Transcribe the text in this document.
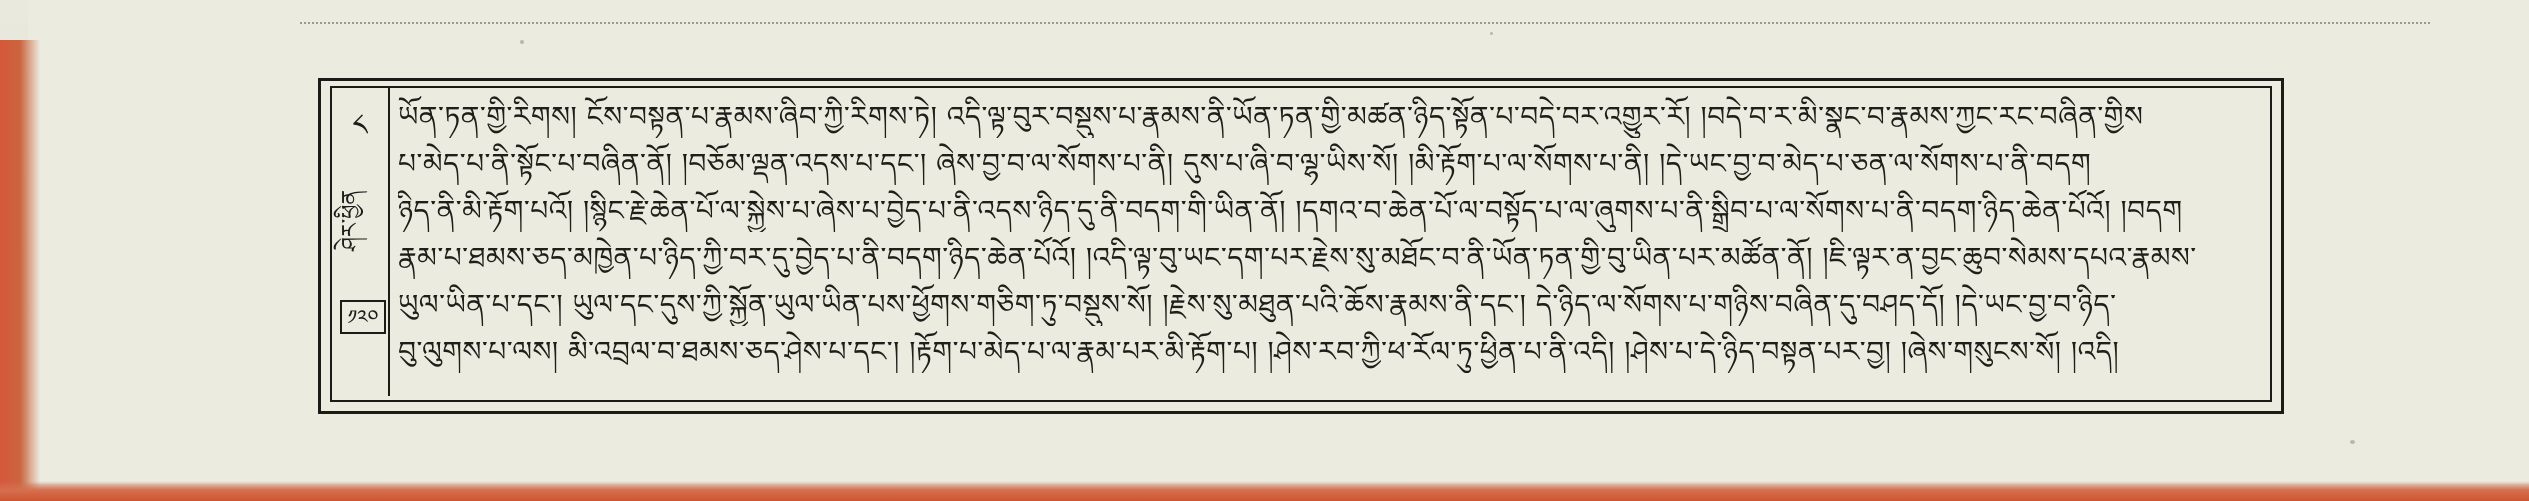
༨
ཤེར་ཕྱིན
༡༢༠
ཡོན་ཏན་གྱི་རིགས། ངོས་བསྟན་པ་རྣམས་ཞིབ་ཀྱི་རིགས་ཏེ། འདི་ལྟ་བུར་བསྡུས་པ་རྣམས་ནི་ཡོན་ཏན་གྱི་མཚན་ཉིད་སྟོན་པ་བདེ་བར་འགྱུར་རོ། །བདེ་བ་ར་མི་སྣང་བ་རྣམས་ཀྱང་རང་བཞིན་གྱིས
པ་མེད་པ་ནི་སྟོང་པ་བཞིན་ནོ། །བཅོམ་ལྡན་འདས་པ་དང་། ཞེས་བྱ་བ་ལ་སོགས་པ་ནི། དུས་པ་ཞི་བ་ལྷ་ཡིས་སོ། །མི་རྟོག་པ་ལ་སོགས་པ་ནི། །དེ་ཡང་བྱ་བ་མེད་པ་ཅན་ལ་སོགས་པ་ནི་བདག
ཉིད་ནི་མི་རྟོག་པའོ། །སྙིང་རྗེ་ཆེན་པོ་ལ་སྐྱེས་པ་ཞེས་པ་བྱེད་པ་ནི་འདས་ཉིད་དུ་ནི་བདག་གི་ཡིན་ནོ། །དགའ་བ་ཆེན་པོ་ལ་བསྟོད་པ་ལ་ཞུགས་པ་ནི་སྒྲིབ་པ་ལ་སོགས་པ་ནི་བདག་ཉིད་ཆེན་པོའོ། །བདག
རྣམ་པ་ཐམས་ཅད་མཁྱེན་པ་ཉིད་ཀྱི་བར་དུ་བྱེད་པ་ནི་བདག་ཉིད་ཆེན་པོའོ། །འདི་ལྟ་བུ་ཡང་དག་པར་རྗེས་སུ་མཐོང་བ་ནི་ཡོན་ཏན་གྱི་བུ་ཡིན་པར་མཚོན་ནོ། །ཇི་ལྟར་ན་བྱང་ཆུབ་སེམས་དཔའ་རྣམས་
ཡུལ་ཡིན་པ་དང་། ཡུལ་དང་དུས་ཀྱི་སྐྱོན་ཡུལ་ཡིན་པས་ཕྱོགས་གཅིག་ཏུ་བསྡུས་སོ། །རྗེས་སུ་མཐུན་པའི་ཆོས་རྣམས་ནི་དང་། དེ་ཉིད་ལ་སོགས་པ་གཉིས་བཞིན་དུ་བཤད་དོ། །དེ་ཡང་བྱ་བ་ཉིད་
བུ་ལུགས་པ་ལས། མི་འབྲལ་བ་ཐམས་ཅད་ཤེས་པ་དང་། །རྟོག་པ་མེད་པ་ལ་རྣམ་པར་མི་རྟོག་པ། །ཤེས་རབ་ཀྱི་ཕ་རོལ་ཏུ་ཕྱིན་པ་ནི་འདི། །ཤེས་པ་དེ་ཉིད་བསྟན་པར་བྱ། །ཞེས་གསུངས་སོ། །འདི།
